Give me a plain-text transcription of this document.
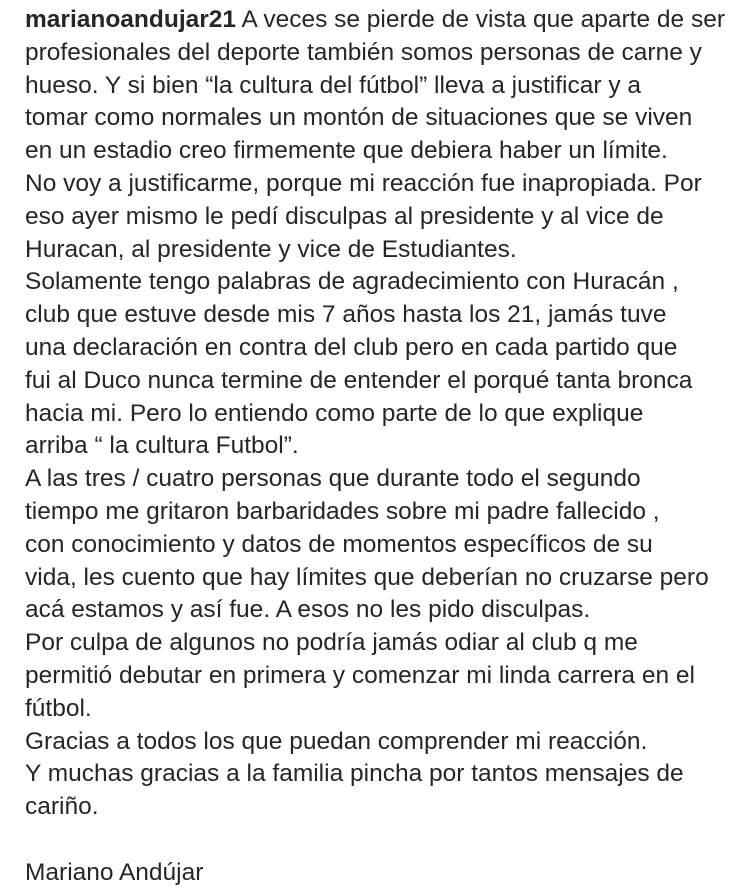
marianoandujar21 A veces se pierde de vista que aparte de ser
profesionales del deporte también somos personas de carne y
hueso. Y si bien “la cultura del fútbol” lleva a justificar y a
tomar como normales un montón de situaciones que se viven
en un estadio creo firmemente que debiera haber un límite.
No voy a justificarme, porque mi reacción fue inapropiada. Por
eso ayer mismo le pedí disculpas al presidente y al vice de
Huracan, al presidente y vice de Estudiantes.
Solamente tengo palabras de agradecimiento con Huracán ,
club que estuve desde mis 7 años hasta los 21, jamás tuve
una declaración en contra del club pero en cada partido que
fui al Duco nunca termine de entender el porqué tanta bronca
hacia mi. Pero lo entiendo como parte de lo que explique
arriba “ la cultura Futbol”.
A las tres / cuatro personas que durante todo el segundo
tiempo me gritaron barbaridades sobre mi padre fallecido ,
con conocimiento y datos de momentos específicos de su
vida, les cuento que hay límites que deberían no cruzarse pero
acá estamos y así fue. A esos no les pido disculpas.
Por culpa de algunos no podría jamás odiar al club q me
permitió debutar en primera y comenzar mi linda carrera en el
fútbol.
Gracias a todos los que puedan comprender mi reacción.
Y muchas gracias a la familia pincha por tantos mensajes de
cariño.
Mariano Andújar
